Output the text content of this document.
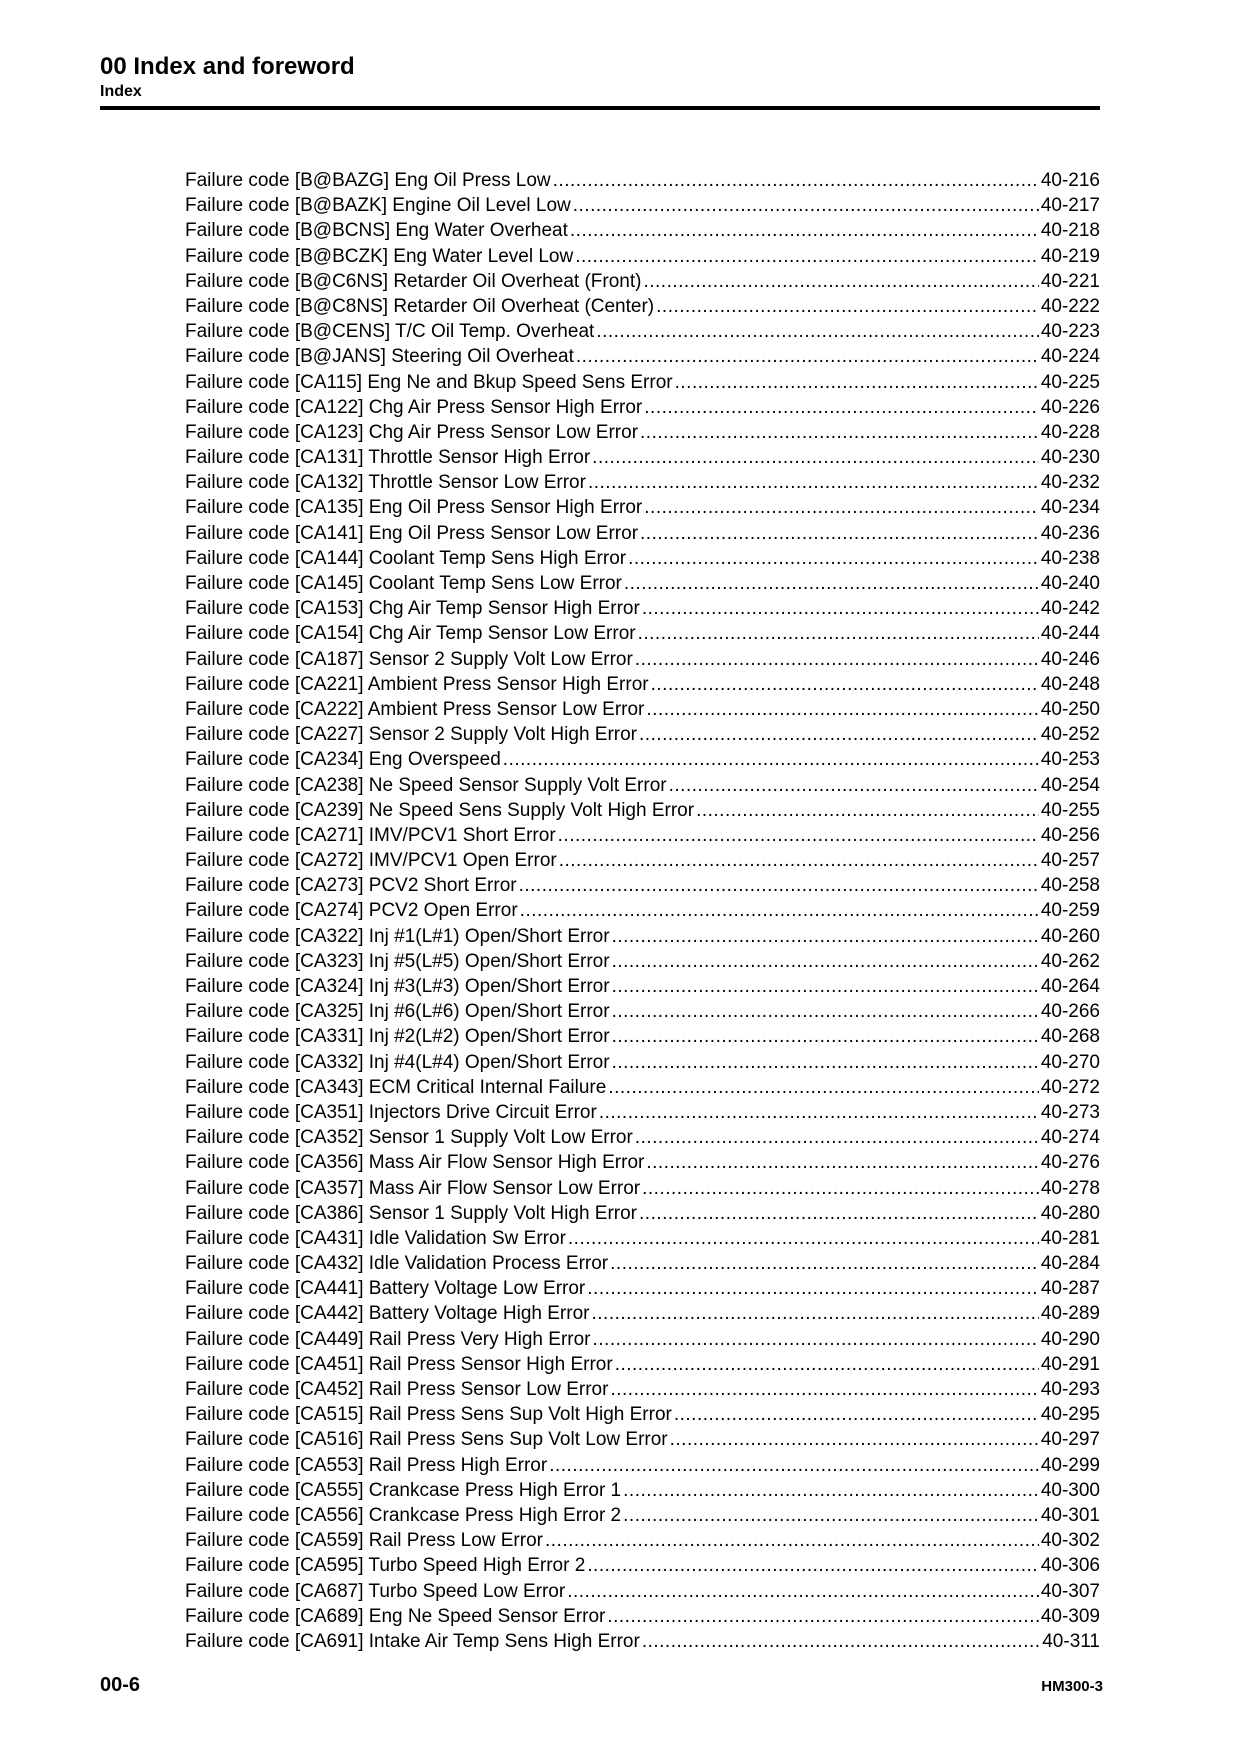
00 Index and foreword
Index
Failure code [B@BAZG] Eng Oil Press Low .....	40-216
Failure code [B@BAZK] Engine Oil Level Low .....	40-217
Failure code [B@BCNS] Eng Water Overheat .....	40-218
Failure code [B@BCZK] Eng Water Level Low .....	40-219
Failure code [B@C6NS] Retarder Oil Overheat (Front) .....	40-221
Failure code [B@C8NS] Retarder Oil Overheat (Center) .....	40-222
Failure code [B@CENS] T/C Oil Temp. Overheat .....	40-223
Failure code [B@JANS] Steering Oil Overheat .....	40-224
Failure code [CA115] Eng Ne and Bkup Speed Sens Error .....	40-225
Failure code [CA122] Chg Air Press Sensor High Error .....	40-226
Failure code [CA123] Chg Air Press Sensor Low Error .....	40-228
Failure code [CA131] Throttle Sensor High Error .....	40-230
Failure code [CA132] Throttle Sensor Low Error .....	40-232
Failure code [CA135] Eng Oil Press Sensor High Error .....	40-234
Failure code [CA141] Eng Oil Press Sensor Low Error .....	40-236
Failure code [CA144] Coolant Temp Sens High Error .....	40-238
Failure code [CA145] Coolant Temp Sens Low Error .....	40-240
Failure code [CA153] Chg Air Temp Sensor High Error .....	40-242
Failure code [CA154] Chg Air Temp Sensor Low Error .....	40-244
Failure code [CA187] Sensor 2 Supply Volt Low Error .....	40-246
Failure code [CA221] Ambient Press Sensor High Error .....	40-248
Failure code [CA222] Ambient Press Sensor Low Error .....	40-250
Failure code [CA227] Sensor 2 Supply Volt High Error .....	40-252
Failure code [CA234] Eng Overspeed .....	40-253
Failure code [CA238] Ne Speed Sensor Supply Volt Error .....	40-254
Failure code [CA239] Ne Speed Sens Supply Volt High Error .....	40-255
Failure code [CA271] IMV/PCV1 Short Error .....	40-256
Failure code [CA272] IMV/PCV1 Open Error .....	40-257
Failure code [CA273] PCV2 Short Error .....	40-258
Failure code [CA274] PCV2 Open Error .....	40-259
Failure code [CA322] Inj #1(L#1) Open/Short Error .....	40-260
Failure code [CA323] Inj #5(L#5) Open/Short Error .....	40-262
Failure code [CA324] Inj #3(L#3) Open/Short Error .....	40-264
Failure code [CA325] Inj #6(L#6) Open/Short Error .....	40-266
Failure code [CA331] Inj #2(L#2) Open/Short Error .....	40-268
Failure code [CA332] Inj #4(L#4) Open/Short Error .....	40-270
Failure code [CA343] ECM Critical Internal Failure .....	40-272
Failure code [CA351] Injectors Drive Circuit Error .....	40-273
Failure code [CA352] Sensor 1 Supply Volt Low Error .....	40-274
Failure code [CA356] Mass Air Flow Sensor High Error .....	40-276
Failure code [CA357] Mass Air Flow Sensor Low Error .....	40-278
Failure code [CA386] Sensor 1 Supply Volt High Error .....	40-280
Failure code [CA431] Idle Validation Sw Error .....	40-281
Failure code [CA432] Idle Validation Process Error .....	40-284
Failure code [CA441] Battery Voltage Low Error .....	40-287
Failure code [CA442] Battery Voltage High Error .....	40-289
Failure code [CA449] Rail Press Very High Error .....	40-290
Failure code [CA451] Rail Press Sensor High Error .....	40-291
Failure code [CA452] Rail Press Sensor Low Error .....	40-293
Failure code [CA515] Rail Press Sens Sup Volt High Error .....	40-295
Failure code [CA516] Rail Press Sens Sup Volt Low Error .....	40-297
Failure code [CA553] Rail Press High Error .....	40-299
Failure code [CA555] Crankcase Press High Error 1 .....	40-300
Failure code [CA556] Crankcase Press High Error 2 .....	40-301
Failure code [CA559] Rail Press Low Error .....	40-302
Failure code [CA595] Turbo Speed High Error 2 .....	40-306
Failure code [CA687] Turbo Speed Low Error .....	40-307
Failure code [CA689] Eng Ne Speed Sensor Error .....	40-309
Failure code [CA691] Intake Air Temp Sens High Error .....	40-311
00-6	HM300-3
